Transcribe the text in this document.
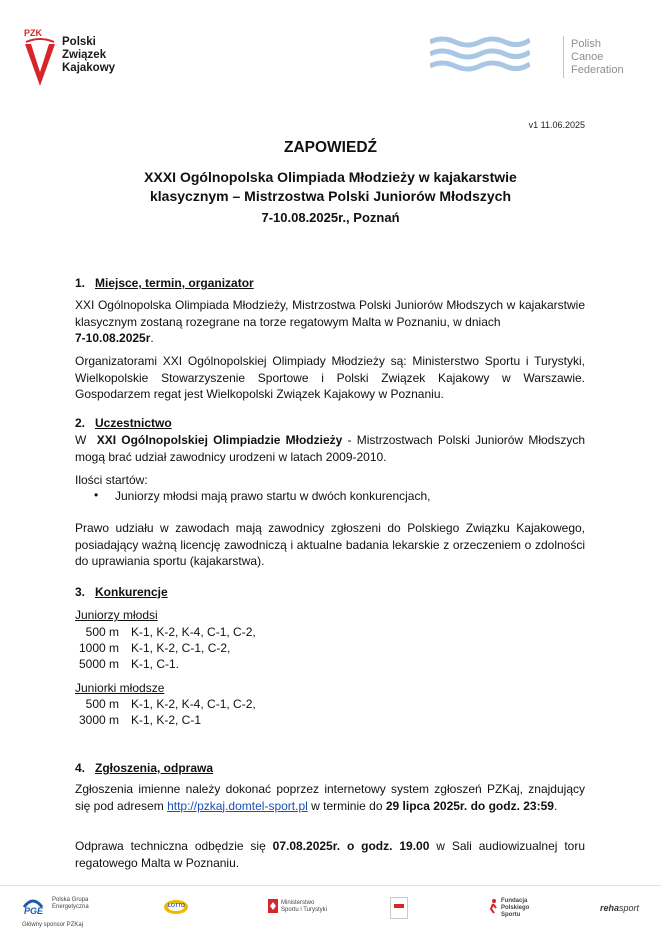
PZK
Polski
Związek
Kajakowy
Polish
Canoe
Federation
v1 11.06.2025
ZAPOWIEDŹ
XXXI Ogólnopolska Olimpiada Młodzieży w kajakarstwie
klasycznym – Mistrzostwa Polski Juniorów Młodszych
7-10.08.2025r., Poznań
1. Miejsce, termin, organizator
XXI Ogólnopolska Olimpiada Młodzieży, Mistrzostwa Polski Juniorów Młodszych w kajakarstwie klasycznym zostaną rozegrane na torze regatowym Malta w Poznaniu, w dniach
7-10.08.2025r.
Organizatorami XXI Ogólnopolskiej Olimpiady Młodzieży są: Ministerstwo Sportu i Turystyki, Wielkopolskie Stowarzyszenie Sportowe i Polski Związek Kajakowy w Warszawie. Gospodarzem regat jest Wielkopolski Związek Kajakowy w Poznaniu.
2. Uczestnictwo
W XXI Ogólnopolskiej Olimpiadzie Młodzieży - Mistrzostwach Polski Juniorów Młodszych mogą brać udział zawodnicy urodzeni w latach 2009-2010.
Ilości startów:
• Juniorzy młodsi mają prawo startu w dwóch konkurencjach,
Prawo udziału w zawodach mają zawodnicy zgłoszeni do Polskiego Związku Kajakowego, posiadający ważną licencję zawodniczą i aktualne badania lekarskie z orzeczeniem o zdolności do uprawiania sportu (kajakarstwa).
3. Konkurencje
Juniorzy młodsi
500 m K-1, K-2, K-4, C-1, C-2,
1000 m K-1, K-2, C-1, C-2,
5000 m K-1, C-1.
Juniorki młodsze
500 m K-1, K-2, K-4, C-1, C-2,
3000 m K-1, K-2, C-1
4. Zgłoszenia, odprawa
Zgłoszenia imienne należy dokonać poprzez internetowy system zgłoszeń PZKaj, znajdujący się pod adresem http://pzkaj.domtel-sport.pl w terminie do 29 lipca 2025r. do godz. 23:59.
Odprawa techniczna odbędzie się 07.08.2025r. o godz. 19.00 w Sali audiowizualnej toru regatowego Malta w Poznaniu.
PGE
Polska Grupa
Energetyczna
Główny sponsor PZKaj
LOTTO	Ministerstwo
Sportu i Turystyki
Fundacja
Polskiego
Sportu
rehasport
